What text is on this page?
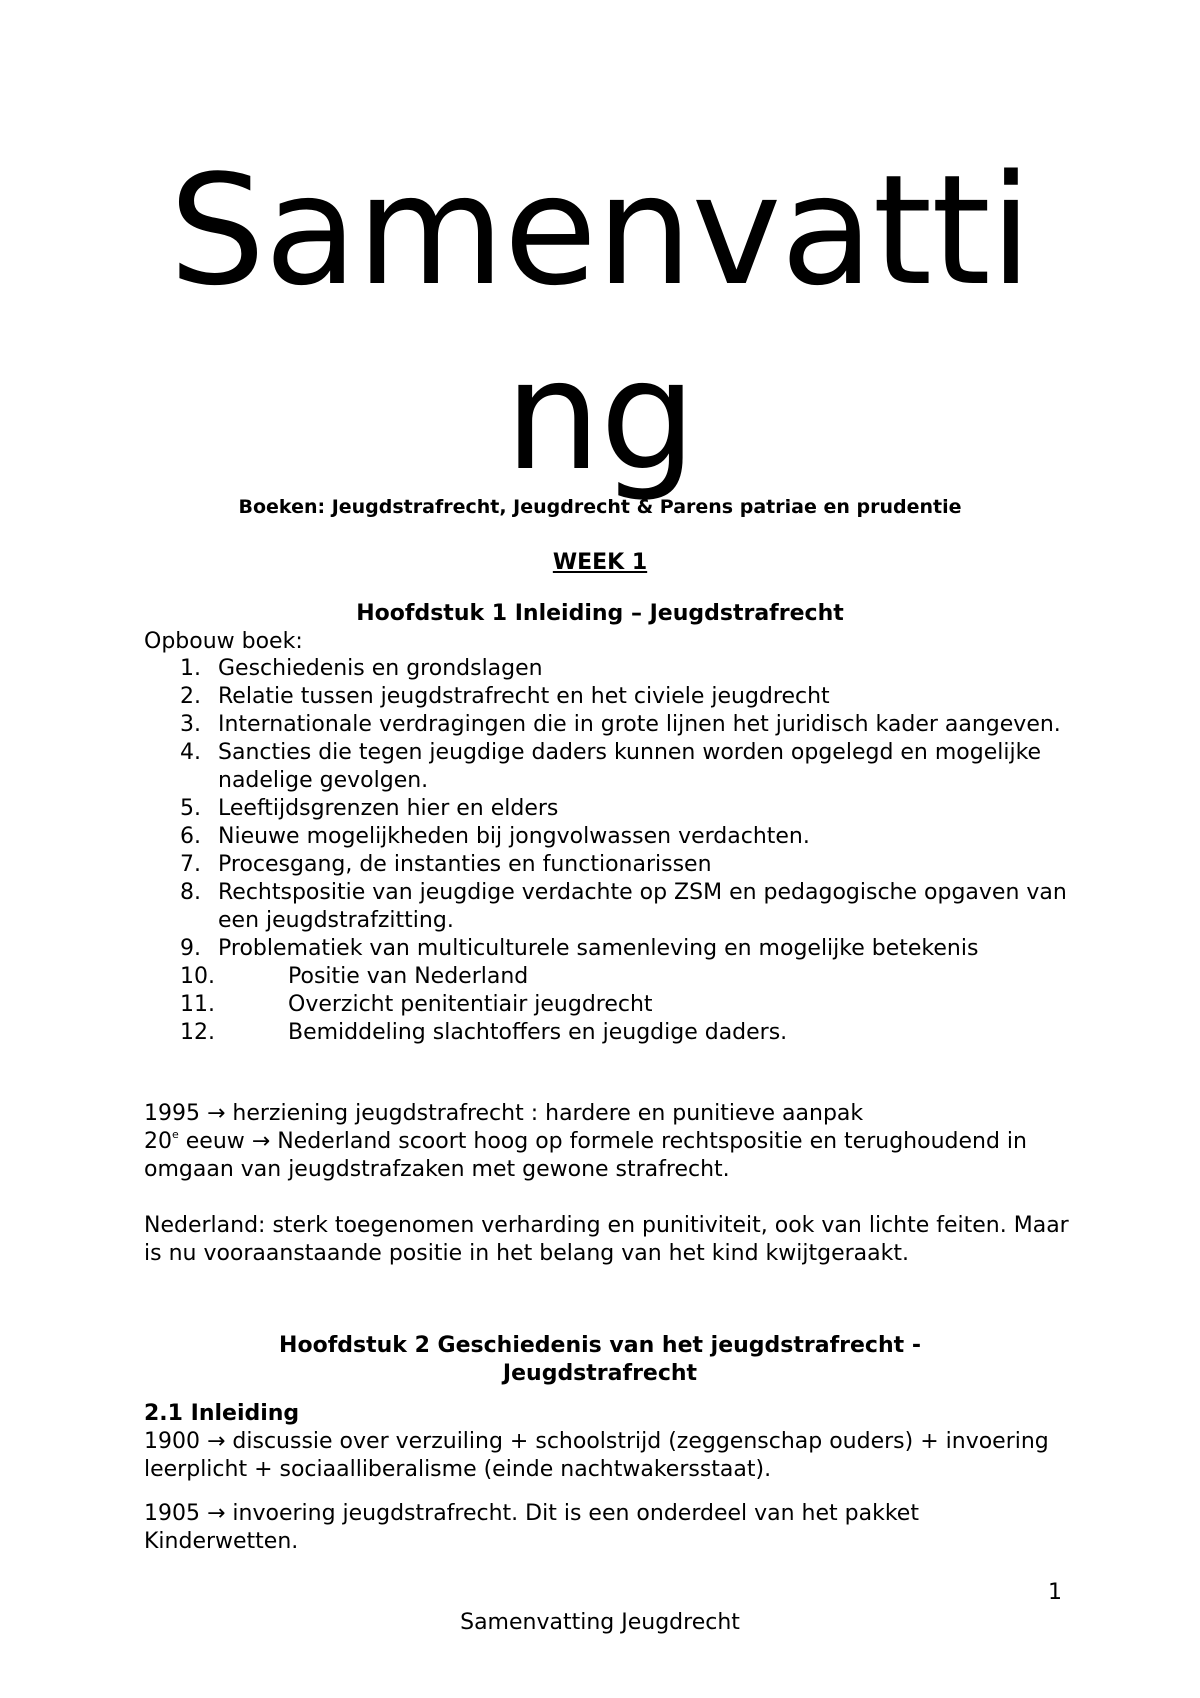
Samenvatti
ng
Boeken: Jeugdstrafrecht, Jeugdrecht & Parens patriae en prudentie
WEEK 1
Hoofdstuk 1 Inleiding – Jeugdstrafrecht
Opbouw boek:
1. Geschiedenis en grondslagen
2. Relatie tussen jeugdstrafrecht en het civiele jeugdrecht
3. Internationale verdragingen die in grote lijnen het juridisch kader aangeven.
4. Sancties die tegen jeugdige daders kunnen worden opgelegd en mogelijke nadelige gevolgen.
5. Leeftijdsgrenzen hier en elders
6. Nieuwe mogelijkheden bij jongvolwassen verdachten.
7. Procesgang, de instanties en functionarissen
8. Rechtspositie van jeugdige verdachte op ZSM en pedagogische opgaven van een jeugdstrafzitting.
9. Problematiek van multiculturele samenleving en mogelijke betekenis
10.	Positie van Nederland
11.	Overzicht penitentiair jeugdrecht
12.	Bemiddeling slachtoffers en jeugdige daders.
1995 → herziening jeugdstrafrecht : hardere en punitieve aanpak
20e eeuw → Nederland scoort hoog op formele rechtspositie en terughoudend in omgaan van jeugdstrafzaken met gewone strafrecht.
Nederland: sterk toegenomen verharding en punitiviteit, ook van lichte feiten. Maar is nu vooraanstaande positie in het belang van het kind kwijtgeraakt.
Hoofdstuk 2 Geschiedenis van het jeugdstrafrecht -
Jeugdstrafrecht
2.1 Inleiding
1900 → discussie over verzuiling + schoolstrijd (zeggenschap ouders) + invoering leerplicht + sociaalliberalisme (einde nachtwakersstaat).
1905 → invoering jeugdstrafrecht. Dit is een onderdeel van het pakket Kinderwetten.
1
Samenvatting Jeugdrecht
